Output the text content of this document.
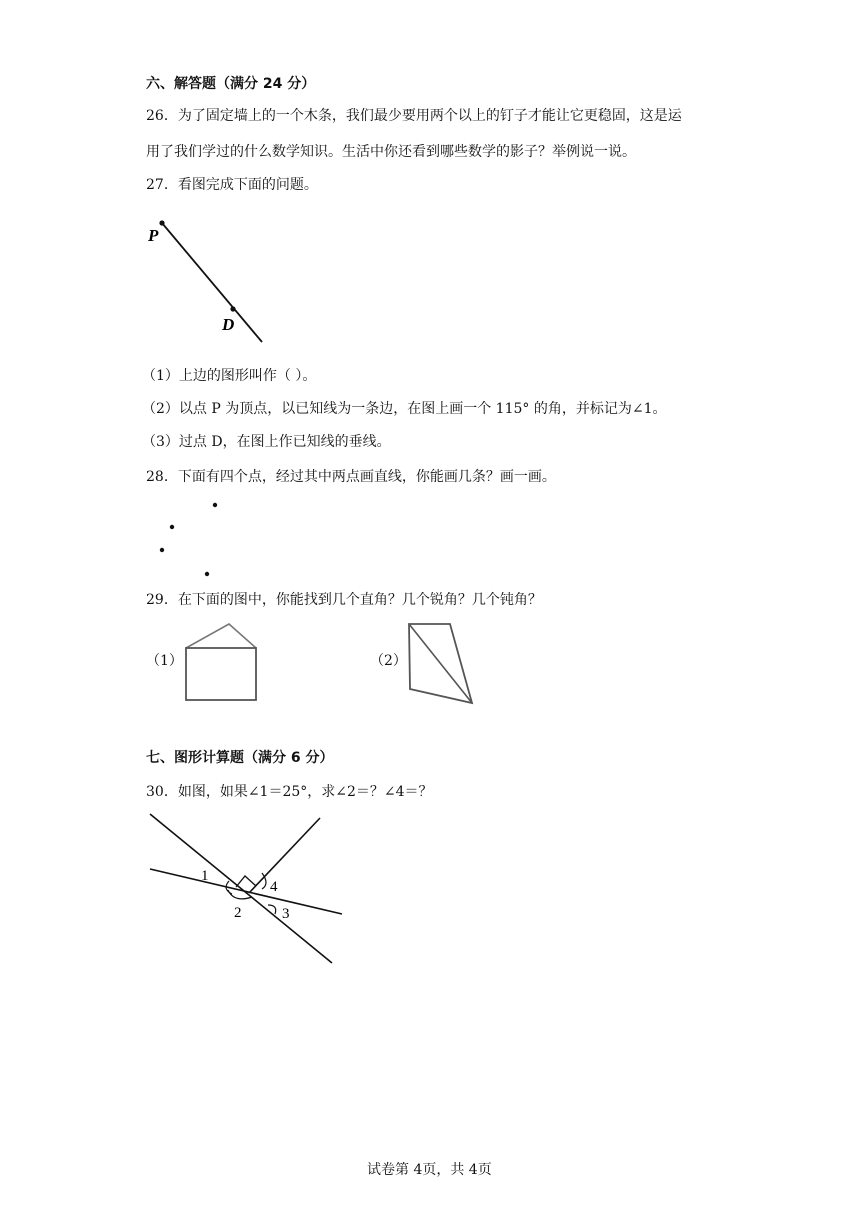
六、解答题（满分 24 分）
26．为了固定墙上的一个木条，我们最少要用两个以上的钉子才能让它更稳固，这是运
用了我们学过的什么数学知识。生活中你还看到哪些数学的影子？举例说一说。
27．看图完成下面的问题。
P
D
（1）上边的图形叫作（ ）。
（2）以点 P 为顶点，以已知线为一条边，在图上画一个 115° 的角，并标记为∠1。
（3）过点 D，在图上作已知线的垂线。
28．下面有四个点，经过其中两点画直线，你能画几条？画一画。
29．在下面的图中，你能找到几个直角？几个锐角？几个钝角？
（1）	（2）
七、图形计算题（满分 6 分）
30．如图，如果∠1＝25°，求∠2＝？∠4＝？
1
2	3
4
试卷第 4页，共 4页
